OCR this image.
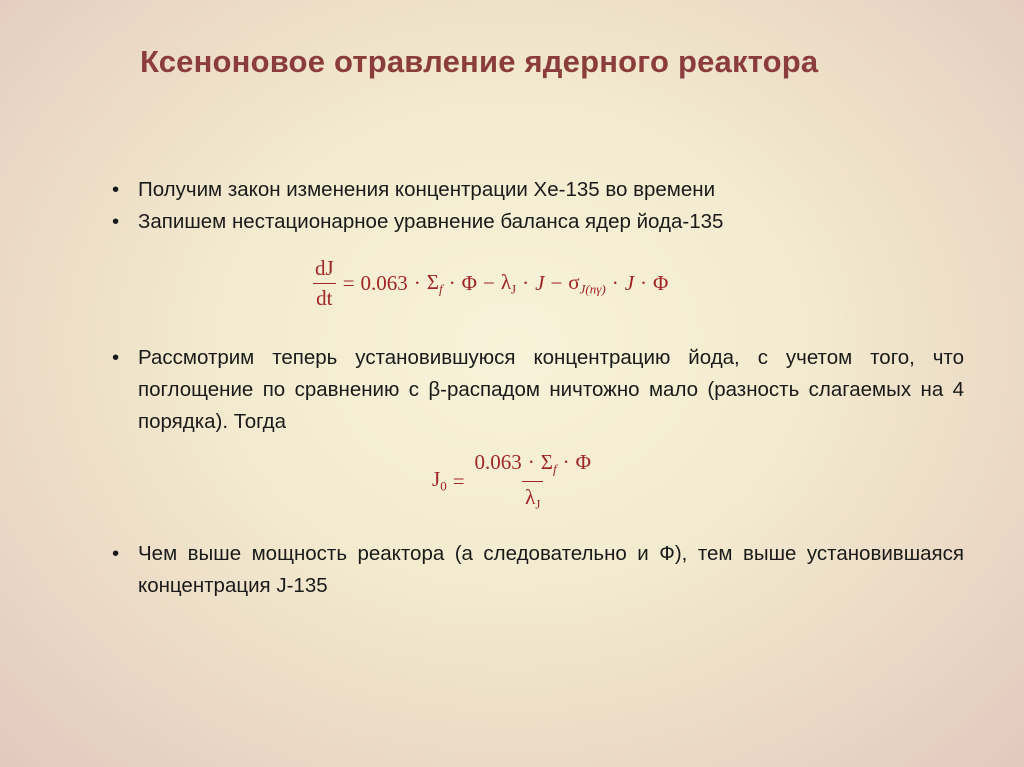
Ксеноновое отравление ядерного реактора
• Получим закон изменения концентрации Хе-135 во времени
• Запишем нестационарное уравнение баланса ядер йода-135
$\frac{dJ}{dt} = 0.063 \cdot \Sigma_f \cdot \Phi - \lambda_J \cdot J - \sigma_{J(n\gamma)} \cdot J \cdot \Phi$
• Рассмотрим теперь установившуюся концентрацию йода, с учетом того, что поглощение по сравнению с β-распадом ничтожно мало (разность слагаемых на 4 порядка). Тогда
$J_0 = \frac{0.063 \cdot \Sigma_f \cdot \Phi}{\lambda_J}$
• Чем выше мощность реактора (а следовательно и Ф), тем выше установившаяся концентрация J-135
